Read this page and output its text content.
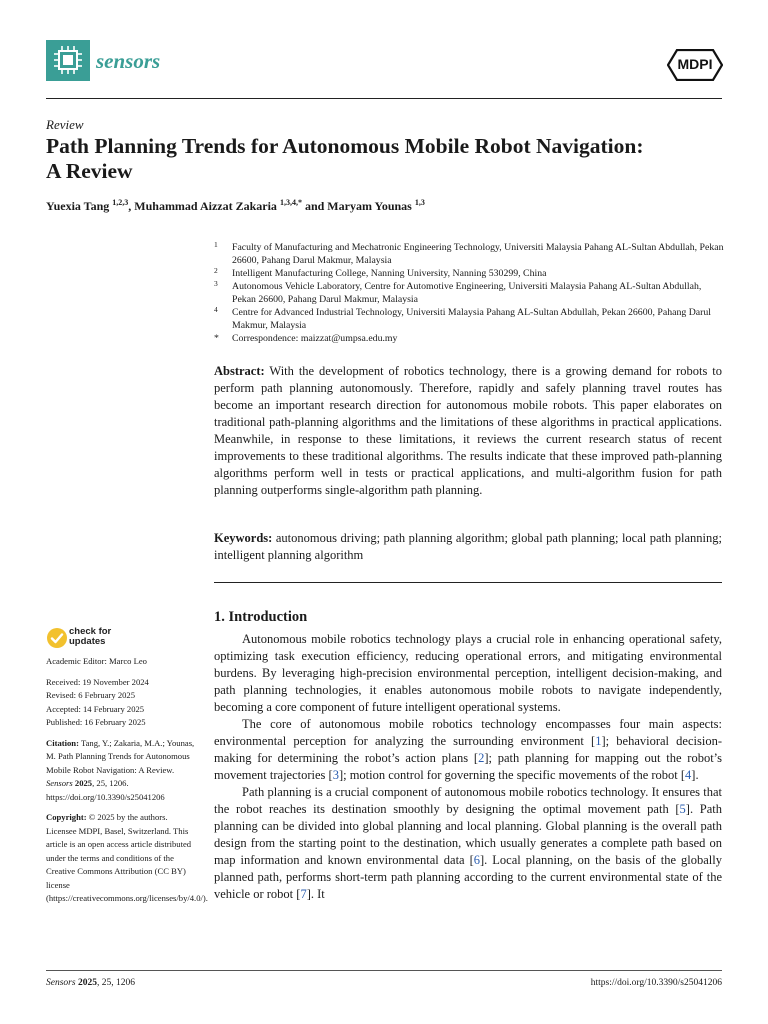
sensors	MDPI
Review
Path Planning Trends for Autonomous Mobile Robot Navigation:
A Review
Yuexia Tang $^{1,2,3}$, Muhammad Aizzat Zakaria $^{1,3,4,*}$ and Maryam Younas $^{1,3}$
1 Faculty of Manufacturing and Mechatronic Engineering Technology, Universiti Malaysia Pahang AL-Sultan Abdullah, Pekan 26600, Pahang Darul Makmur, Malaysia
2 Intelligent Manufacturing College, Nanning University, Nanning 530299, China
3 Autonomous Vehicle Laboratory, Centre for Automotive Engineering, Universiti Malaysia Pahang AL-Sultan Abdullah, Pekan 26600, Pahang Darul Makmur, Malaysia
4 Centre for Advanced Industrial Technology, Universiti Malaysia Pahang AL-Sultan Abdullah, Pekan 26600, Pahang Darul Makmur, Malaysia
* Correspondence: maizzat@umpsa.edu.my
Abstract: With the development of robotics technology, there is a growing demand for robots to perform path planning autonomously. Therefore, rapidly and safely planning travel routes has become an important research direction for autonomous mobile robots. This paper elaborates on traditional path-planning algorithms and the limitations of these algorithms in practical applications. Meanwhile, in response to these limitations, it reviews the current research status of recent improvements to these traditional algorithms. The results indicate that these improved path-planning algorithms perform well in tests or practical applications, and multi-algorithm fusion for path planning outperforms single-algorithm path planning.
Keywords: autonomous driving; path planning algorithm; global path planning; local path planning; intelligent planning algorithm
check for
updates
Academic Editor: Marco Leo
Received: 19 November 2024
Revised: 6 February 2025
Accepted: 14 February 2025
Published: 16 February 2025
Citation: Tang, Y.; Zakaria, M.A.; Younas, M. Path Planning Trends for Autonomous Mobile Robot Navigation: A Review. Sensors 2025, 25, 1206. https://doi.org/10.3390/s25041206
Copyright: © 2025 by the authors. Licensee MDPI, Basel, Switzerland. This article is an open access article distributed under the terms and conditions of the Creative Commons Attribution (CC BY) license (https://creativecommons.org/licenses/by/4.0/).
1. Introduction

Autonomous mobile robotics technology plays a crucial role in enhancing operational safety, optimizing task execution efficiency, reducing operational errors, and mitigating environmental burdens. By leveraging high-precision environmental perception, intelligent decision-making, and path planning technologies, it enables autonomous mobile robots to navigate independently, becoming a core component of future intelligent operational systems.

The core of autonomous mobile robotics technology encompasses four main aspects: environmental perception for analyzing the surrounding environment [1]; behavioral decision-making for determining the robot’s action plans [2]; path planning for mapping out the robot’s movement trajectories [3]; motion control for governing the specific movements of the robot [4].

Path planning is a crucial component of autonomous mobile robotics technology. It ensures that the robot reaches its destination smoothly by designing the optimal movement path [5]. Path planning can be divided into global planning and local planning. Global planning is the overall path design from the starting point to the destination, which usually generates a complete path based on map information and known environmental data [6]. Local planning, on the basis of the globally planned path, performs short-term path planning according to the current environmental state of the vehicle or robot [7]. It

Sensors 2025, 25, 1206	https://doi.org/10.3390/s25041206
